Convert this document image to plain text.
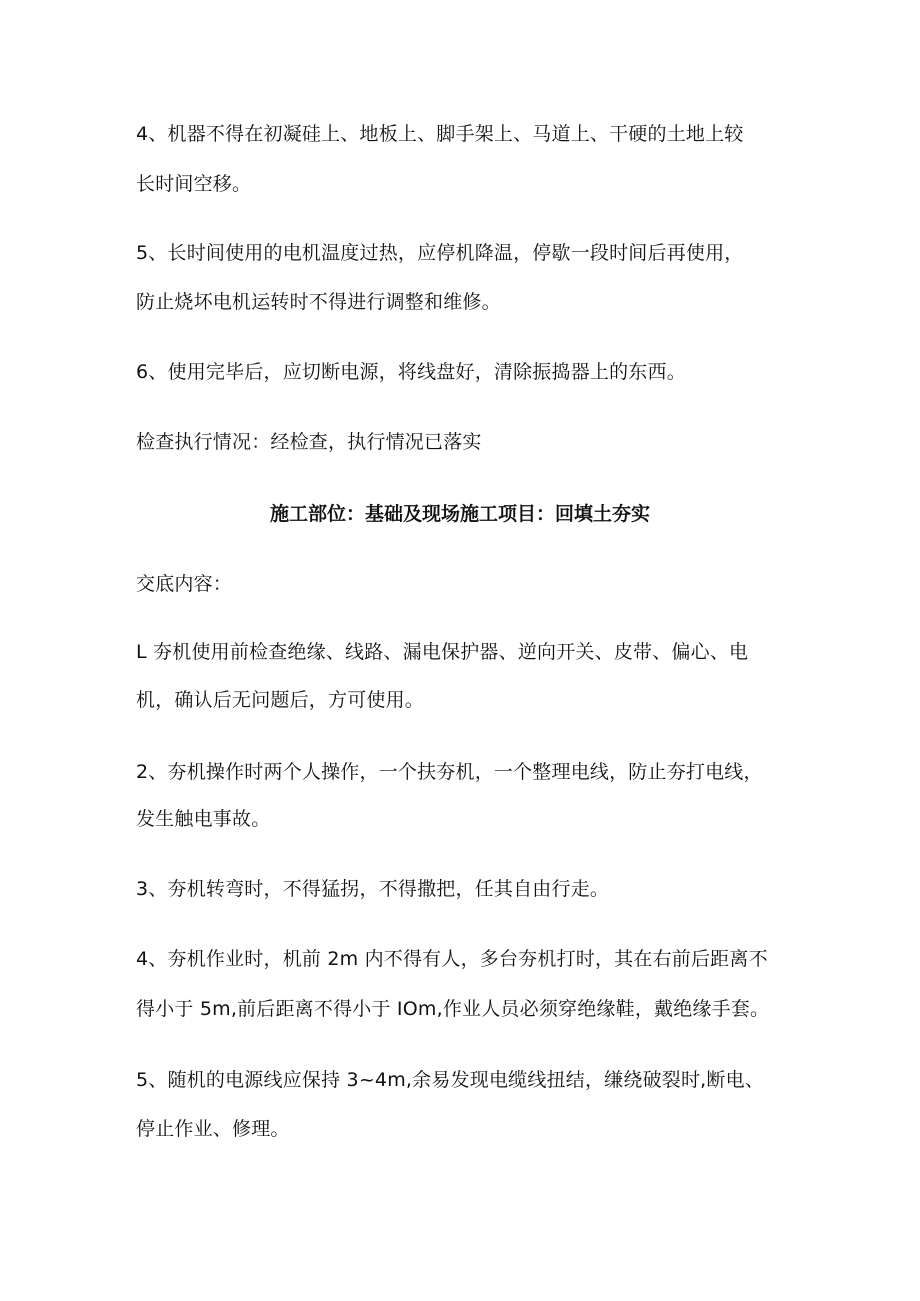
4、机器不得在初凝硅上、地板上、脚手架上、马道上、干硬的土地上较
长时间空移。
5、长时间使用的电机温度过热，应停机降温，停歇一段时间后再使用，
防止烧坏电机运转时不得进行调整和维修。
6、使用完毕后，应切断电源，将线盘好，清除振捣器上的东西。
检查执行情况：经检查，执行情况已落实
施工部位：基础及现场施工项目：回填土夯实
交底内容：
L 夯机使用前检查绝缘、线路、漏电保护器、逆向开关、皮带、偏心、电
机，确认后无问题后，方可使用。
2、夯机操作时两个人操作，一个扶夯机，一个整理电线，防止夯打电线，
发生触电事故。
3、夯机转弯时，不得猛拐，不得撒把，任其自由行走。
4、夯机作业时，机前 2m 内不得有人，多台夯机打时，其在右前后距离不
得小于 5m,前后距离不得小于 IOm,作业人员必须穿绝缘鞋，戴绝缘手套。
5、随机的电源线应保持 3~4m,余易发现电缆线扭结，缣绕破裂时,断电、
停止作业、修理。
